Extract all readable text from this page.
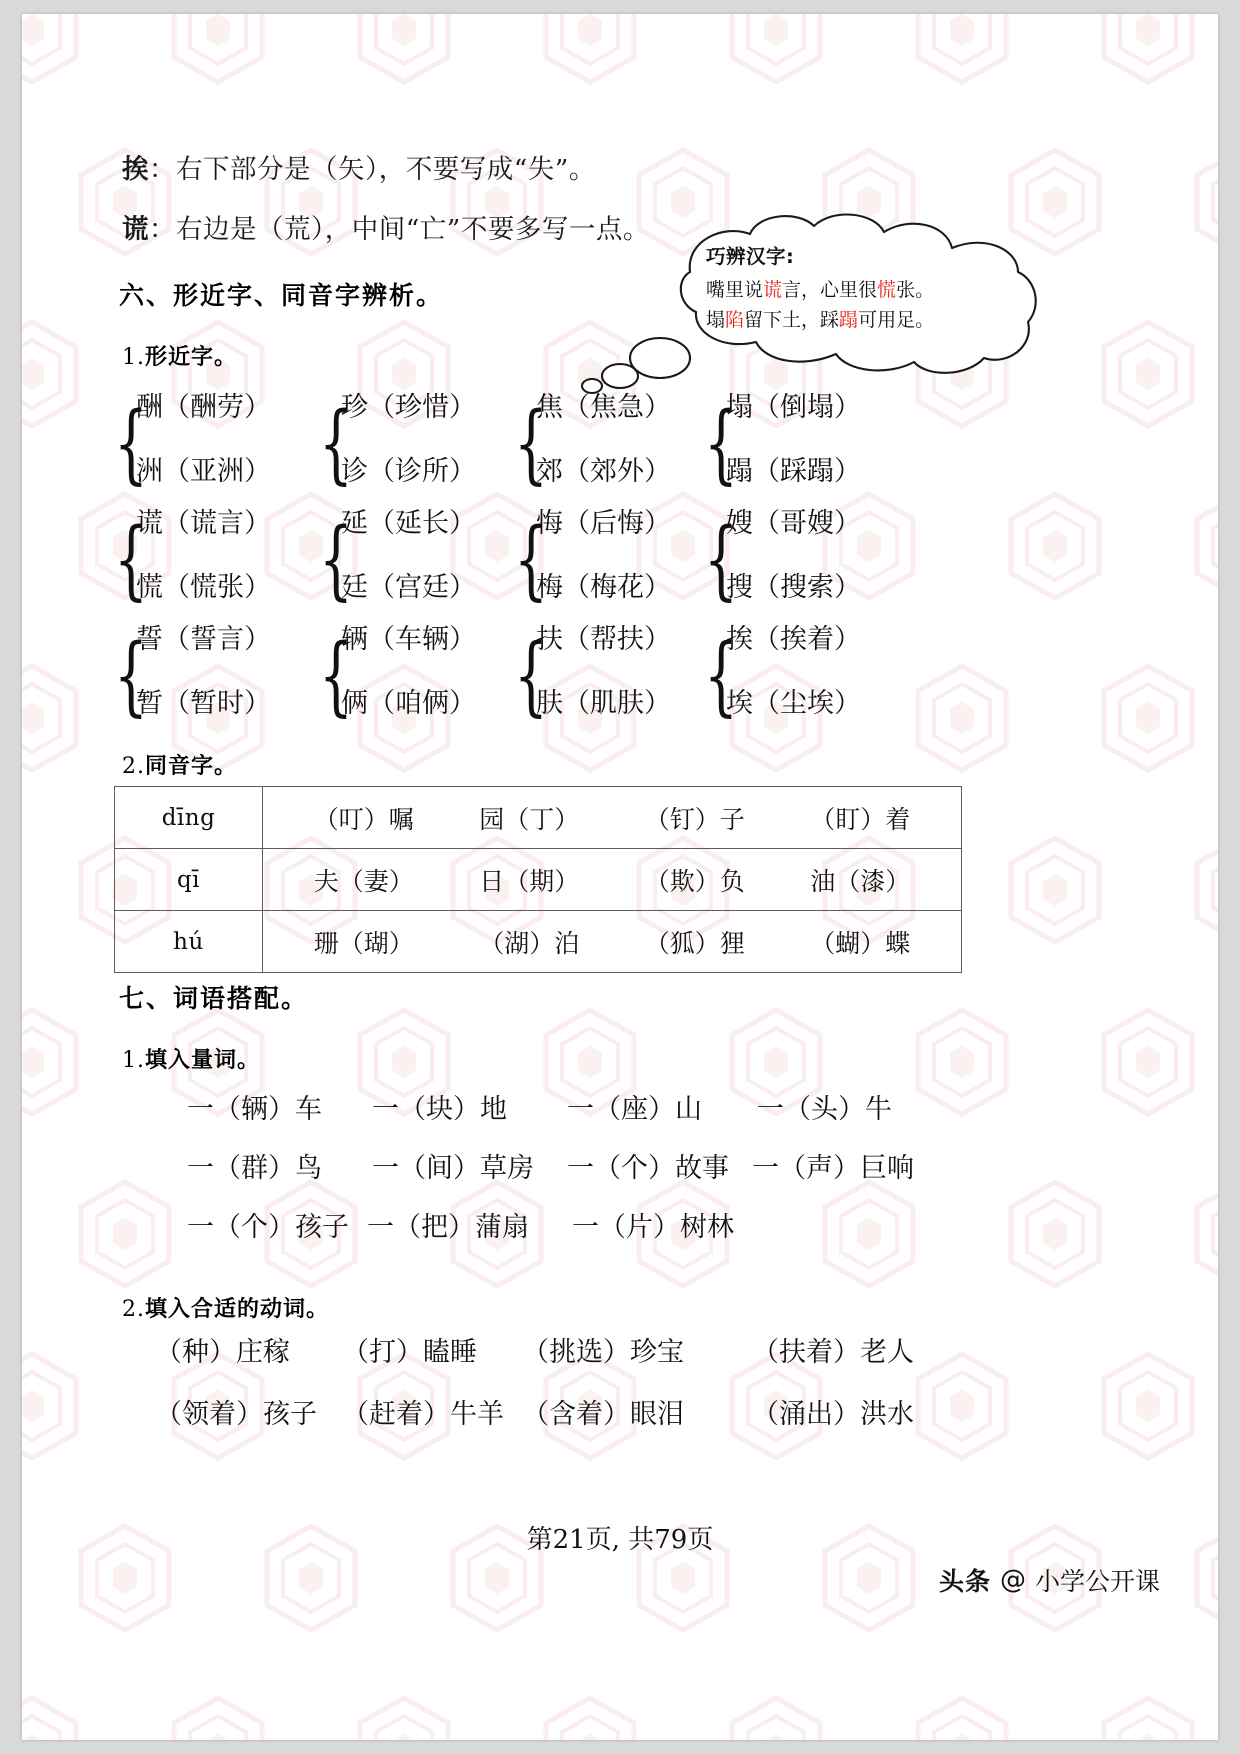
挨：右下部分是（矢），不要写成“失”。
谎：右边是（荒），中间“亡”不要多写一点。
巧辨汉字:
嘴里说谎言，心里很慌张。
塌陷留下土，踩蹋可用足。
六、形近字、同音字辨析。
1.形近字。
{
酬（酬劳）
洲（亚洲） {
珍（珍惜）
诊（诊所） {
焦（焦急）
郊（郊外） {
塌（倒塌）
蹋（踩蹋）
{
谎（谎言）
慌（慌张） {
延（延长）
廷（宫廷） {
悔（后悔）
梅（梅花） {
嫂（哥嫂）
搜（搜索）
{
誓（誓言）
暂（暂时） {
辆（车辆）
俩（咱俩） {
扶（帮扶）
肤（肌肤） {
挨（挨着）
埃（尘埃）
2.同音字。
dīng	（叮）嘱 园（丁） （钉）子 （盯）着

qī	夫（妻） 日（期） （欺）负 油（漆）

hú	珊（瑚） （湖）泊 （狐）狸 （蝴）蝶
七、词语搭配。
1.填入量词。
一（辆）车 一（块）地 一（座）山 一（头）牛
一（群）鸟 一（间）草房 一（个）故事 一（声）巨响
一（个）孩子 一（把）蒲扇 一（片）树林
2.填入合适的动词。
（种）庄稼 （打）瞌睡 （挑选）珍宝	（扶着）老人
（领着）孩子 （赶着）牛羊 （含着）眼泪	（涌出）洪水
第21页, 共79页
头条 @ 小学公开课
